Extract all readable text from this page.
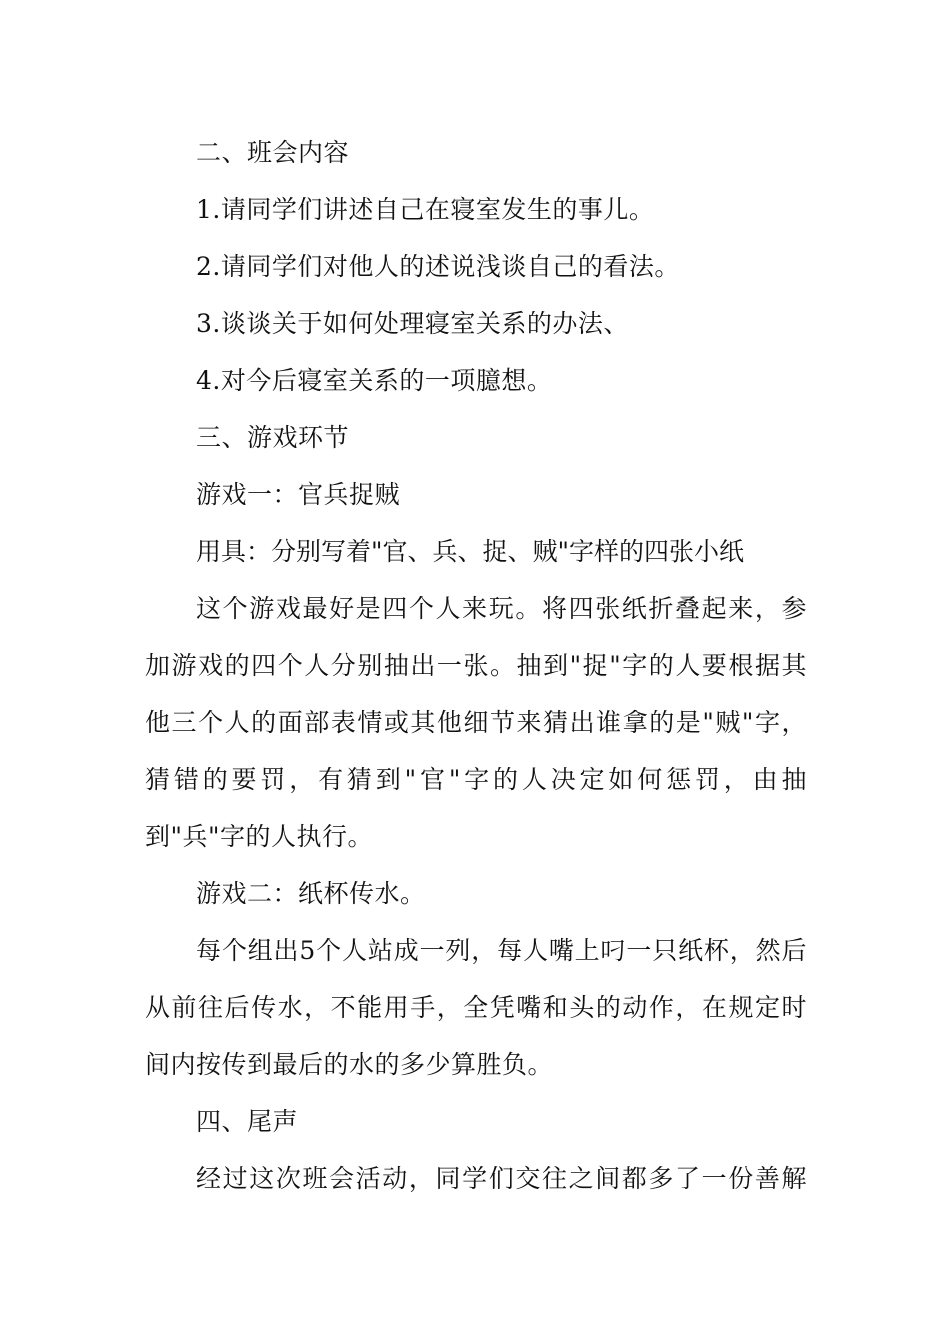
二、班会内容
1.请同学们讲述自己在寝室发生的事儿。
2.请同学们对他人的述说浅谈自己的看法。
3.谈谈关于如何处理寝室关系的办法、
4.对今后寝室关系的一项臆想。
三、游戏环节
游戏一：官兵捉贼
用具：分别写着"官、兵、捉、贼"字样的四张小纸
这个游戏最好是四个人来玩。将四张纸折叠起来，参
加游戏的四个人分别抽出一张。抽到"捉"字的人要根据其
他三个人的面部表情或其他细节来猜出谁拿的是"贼"字，
猜错的要罚，有猜到"官"字的人决定如何惩罚，由抽
到"兵"字的人执行。
游戏二：纸杯传水。
每个组出5个人站成一列，每人嘴上叼一只纸杯，然后
从前往后传水，不能用手，全凭嘴和头的动作，在规定时
间内按传到最后的水的多少算胜负。
四、尾声
经过这次班会活动，同学们交往之间都多了一份善解
